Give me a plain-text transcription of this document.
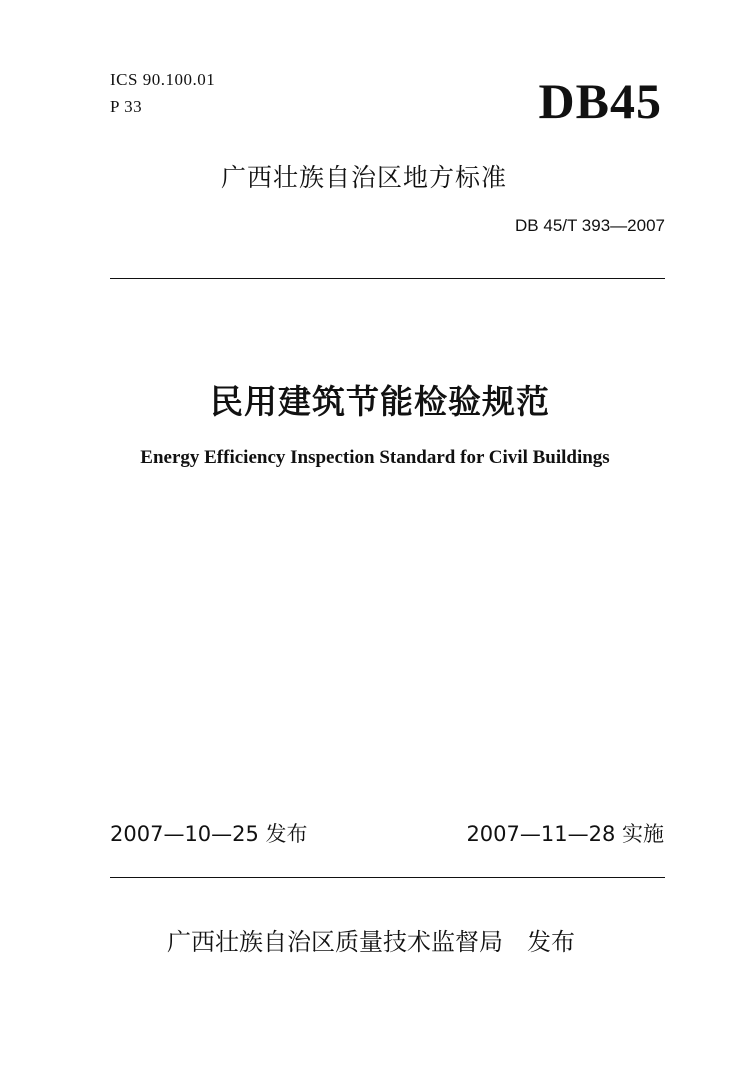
ICS 90.100.01
P 33	DB45
广西壮族自治区地方标准
DB 45/T 393—2007
民用建筑节能检验规范
Energy Efficiency Inspection Standard for Civil Buildings
2007—10—25 发布	2007—11—28 实施
广西壮族自治区质量技术监督局　发布
